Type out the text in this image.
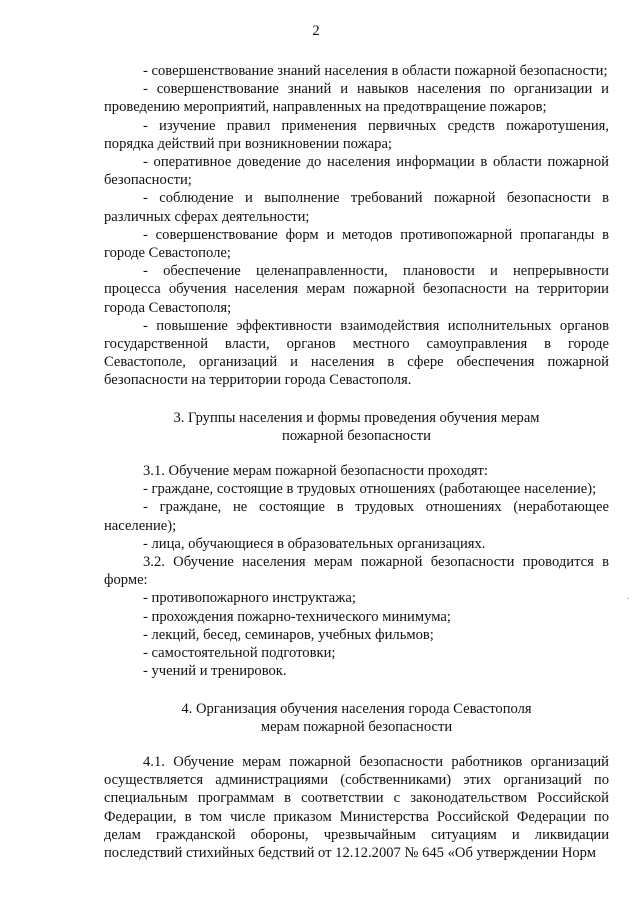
2

- совершенствование знаний населения в области пожарной безопасности;

- совершенствование знаний и навыков населения по организации и проведению мероприятий, направленных на предотвращение пожаров;

- изучение правил применения первичных средств пожаротушения, порядка действий при возникновении пожара;

- оперативное доведение до населения информации в области пожарной безопасности;

- соблюдение и выполнение требований пожарной безопасности в различных сферах деятельности;

- совершенствование форм и методов противопожарной пропаганды в городе Севастополе;

- обеспечение целенаправленности, плановости и непрерывности процесса обучения населения мерам пожарной безопасности на территории города Севастополя;

- повышение эффективности взаимодействия исполнительных органов государственной власти, органов местного самоуправления в городе Севастополе, организаций и населения в сфере обеспечения пожарной безопасности на территории города Севастополя.

3. Группы населения и формы проведения обучения мерам

пожарной безопасности

3.1. Обучение мерам пожарной безопасности проходят:

- граждане, состоящие в трудовых отношениях (работающее население);

- граждане, не состоящие в трудовых отношениях (неработающее население);

- лица, обучающиеся в образовательных организациях.

3.2. Обучение населения мерам пожарной безопасности проводится в форме:

- противопожарного инструктажа;

- прохождения пожарно-технического минимума;

- лекций, бесед, семинаров, учебных фильмов;

- самостоятельной подготовки;

- учений и тренировок.

4. Организация обучения населения города Севастополя

мерам пожарной безопасности

4.1. Обучение мерам пожарной безопасности работников организаций осуществляется администрациями (собственниками) этих организаций по специальным программам в соответствии с законодательством Российской Федерации, в том числе приказом Министерства Российской Федерации по делам гражданской обороны, чрезвычайным ситуациям и ликвидации последствий стихийных бедствий от 12.12.2007 № 645 «Об утверждении Норм

.
